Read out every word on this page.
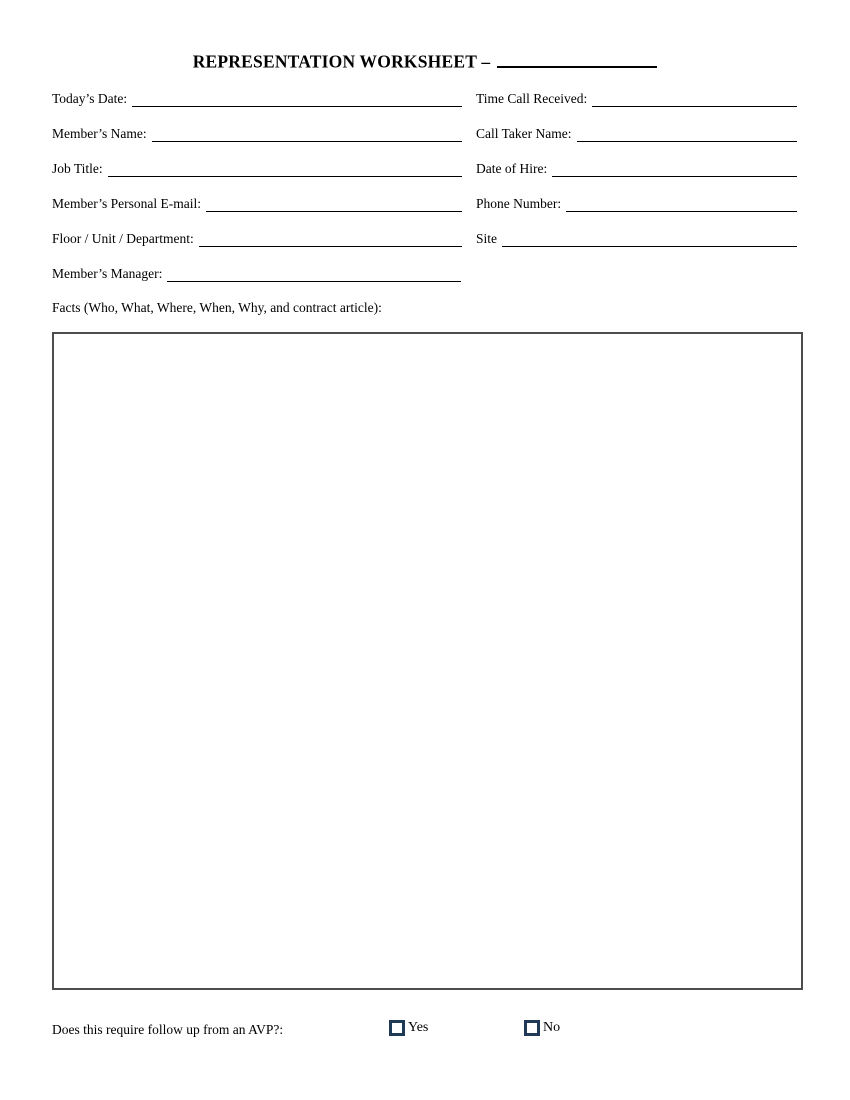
REPRESENTATION WORKSHEET –
Today’s Date:	Time Call Received:
Member’s Name:	Call Taker Name:
Job Title:	Date of Hire:
Member’s Personal E-mail:	Phone Number:
Floor / Unit / Department:	Site
Member’s Manager:
Facts (Who, What, Where, When, Why, and contract article):
Does this require follow up from an AVP?:	Yes	No
